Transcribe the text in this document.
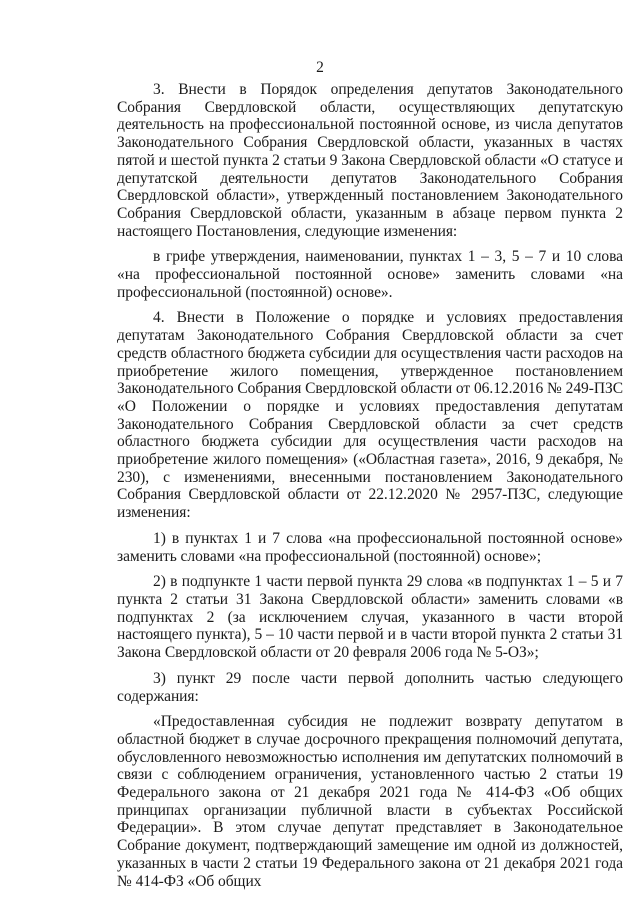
2

3. Внести в Порядок определения депутатов Законодательного Собрания Свердловской области, осуществляющих депутатскую деятельность на профессиональной постоянной основе, из числа депутатов Законодательного Собрания Свердловской области, указанных в частях пятой и шестой пункта 2 статьи 9 Закона Свердловской области «О статусе и депутатской деятельности депутатов Законодательного Собрания Свердловской области», утвержденный постановлением Законодательного Собрания Свердловской области, указанным в абзаце первом пункта 2 настоящего Постановления, следующие изменения:

в грифе утверждения, наименовании, пунктах 1 – 3, 5 – 7 и 10 слова «на профессиональной постоянной основе» заменить словами «на профессиональной (постоянной) основе».

4. Внести в Положение о порядке и условиях предоставления депутатам Законодательного Собрания Свердловской области за счет средств областного бюджета субсидии для осуществления части расходов на приобретение жилого помещения, утвержденное постановлением Законодательного Собрания Свердловской области от 06.12.2016 № 249-ПЗС «О Положении о порядке и условиях предоставления депутатам Законодательного Собрания Свердловской области за счет средств областного бюджета субсидии для осуществления части расходов на приобретение жилого помещения» («Областная газета», 2016, 9 декабря, № 230), с изменениями, внесенными постановлением Законодательного Собрания Свердловской области от 22.12.2020 № 2957-ПЗС, следующие изменения:

1) в пунктах 1 и 7 слова «на профессиональной постоянной основе» заменить словами «на профессиональной (постоянной) основе»;

2) в подпункте 1 части первой пункта 29 слова «в подпунктах 1 – 5 и 7 пункта 2 статьи 31 Закона Свердловской области» заменить словами «в подпунктах 2 (за исключением случая, указанного в части второй настоящего пункта), 5 – 10 части первой и в части второй пункта 2 статьи 31 Закона Свердловской области от 20 февраля 2006 года № 5-ОЗ»;

3) пункт 29 после части первой дополнить частью следующего содержания:

«Предоставленная субсидия не подлежит возврату депутатом в областной бюджет в случае досрочного прекращения полномочий депутата, обусловленного невозможностью исполнения им депутатских полномочий в связи с соблюдением ограничения, установленного частью 2 статьи 19 Федерального закона от 21 декабря 2021 года № 414-ФЗ «Об общих принципах организации публичной власти в субъектах Российской Федерации». В этом случае депутат представляет в Законодательное Собрание документ, подтверждающий замещение им одной из должностей, указанных в части 2 статьи 19 Федерального закона от 21 декабря 2021 года № 414-ФЗ «Об общих
